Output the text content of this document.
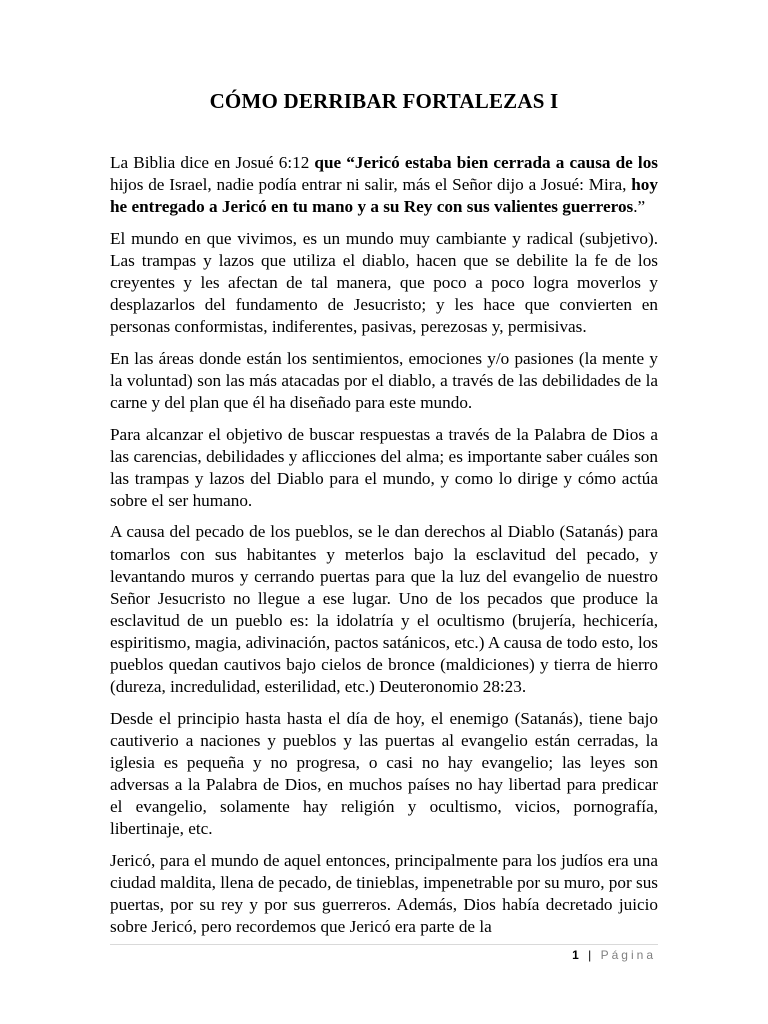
CÓMO DERRIBAR FORTALEZAS I

La Biblia dice en Josué 6:12 que “Jericó estaba bien cerrada a causa de los hijos de Israel, nadie podía entrar ni salir, más el Señor dijo a Josué: Mira, hoy he entregado a Jericó en tu mano y a su Rey con sus valientes guerreros.”

El mundo en que vivimos, es un mundo muy cambiante y radical (subjetivo). Las trampas y lazos que utiliza el diablo, hacen que se debilite la fe de los creyentes y les afectan de tal manera, que poco a poco logra moverlos y desplazarlos del fundamento de Jesucristo; y les hace que convierten en personas conformistas, indiferentes, pasivas, perezosas y, permisivas.

En las áreas donde están los sentimientos, emociones y/o pasiones (la mente y la voluntad) son las más atacadas por el diablo, a través de las debilidades de la carne y del plan que él ha diseñado para este mundo.

Para alcanzar el objetivo de buscar respuestas a través de la Palabra de Dios a las carencias, debilidades y aflicciones del alma; es importante saber cuáles son las trampas y lazos del Diablo para el mundo, y como lo dirige y cómo actúa sobre el ser humano.

A causa del pecado de los pueblos, se le dan derechos al Diablo (Satanás) para tomarlos con sus habitantes y meterlos bajo la esclavitud del pecado, y levantando muros y cerrando puertas para que la luz del evangelio de nuestro Señor Jesucristo no llegue a ese lugar. Uno de los pecados que produce la esclavitud de un pueblo es: la idolatría y el ocultismo (brujería, hechicería, espiritismo, magia, adivinación, pactos satánicos, etc.) A causa de todo esto, los pueblos quedan cautivos bajo cielos de bronce (maldiciones) y tierra de hierro (dureza, incredulidad, esterilidad, etc.) Deuteronomio 28:23.

Desde el principio hasta hasta el día de hoy, el enemigo (Satanás), tiene bajo cautiverio a naciones y pueblos y las puertas al evangelio están cerradas, la iglesia es pequeña y no progresa, o casi no hay evangelio; las leyes son adversas a la Palabra de Dios, en muchos países no hay libertad para predicar el evangelio, solamente hay religión y ocultismo, vicios, pornografía, libertinaje, etc.

Jericó, para el mundo de aquel entonces, principalmente para los judíos era una ciudad maldita, llena de pecado, de tinieblas, impenetrable por su muro, por sus puertas, por su rey y por sus guerreros. Además, Dios había decretado juicio sobre Jericó, pero recordemos que Jericó era parte de la

1 | Página
